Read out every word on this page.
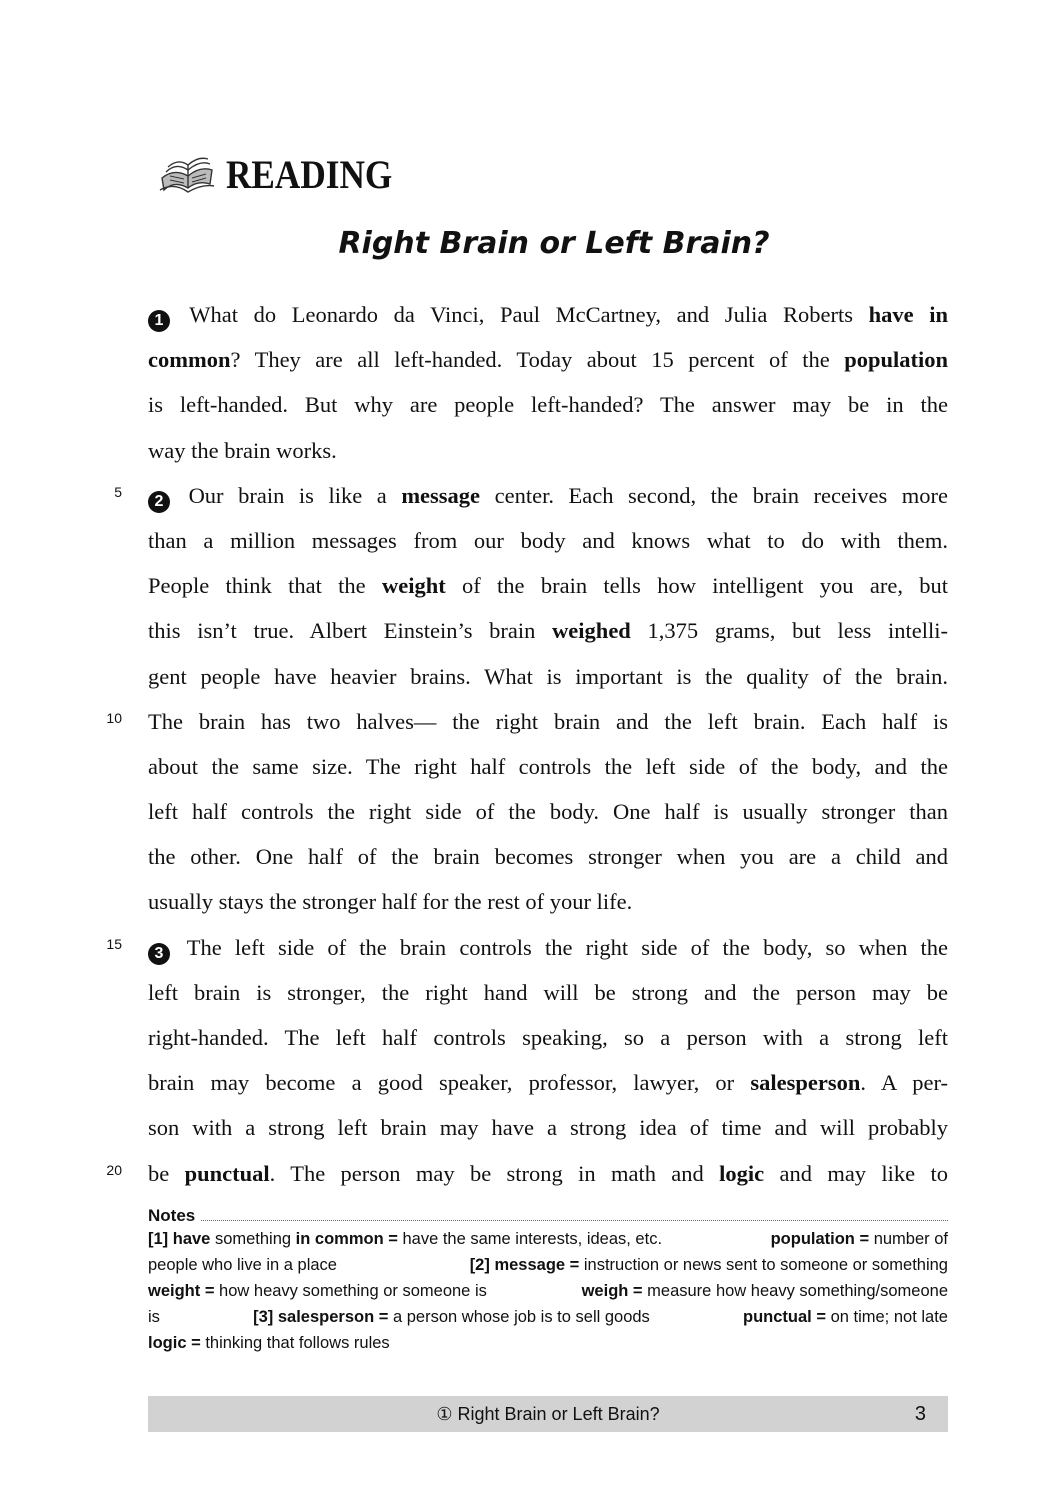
READING
Right Brain or Left Brain?
5
10
15
20
1 What do Leonardo da Vinci, Paul McCartney, and Julia Roberts have in
common? They are all left-handed. Today about 15 percent of the population
is left-handed. But why are people left-handed? The answer may be in the
way the brain works.
2 Our brain is like a message center. Each second, the brain receives more
than a million messages from our body and knows what to do with them.
People think that the weight of the brain tells how intelligent you are, but
this isn’t true. Albert Einstein’s brain weighed 1,375 grams, but less intelli-
gent people have heavier brains. What is important is the quality of the brain.
The brain has two halves— the right brain and the left brain. Each half is
about the same size. The right half controls the left side of the body, and the
left half controls the right side of the body. One half is usually stronger than
the other. One half of the brain becomes stronger when you are a child and
usually stays the stronger half for the rest of your life.
3 The left side of the brain controls the right side of the body, so when the
left brain is stronger, the right hand will be strong and the person may be
right-handed. The left half controls speaking, so a person with a strong left
brain may become a good speaker, professor, lawyer, or salesperson. A per-
son with a strong left brain may have a strong idea of time and will probably
be punctual. The person may be strong in math and logic and may like to
Notes
[1] have something in common = have the same interests, ideas, etc.	population = number of
people who live in a place	[2] message = instruction or news sent to someone or something
weight = how heavy something or someone is	weigh = measure how heavy something/someone
is	[3] salesperson = a person whose job is to sell goods	punctual = on time; not late
logic = thinking that follows rules
① Right Brain or Left Brain?	3
